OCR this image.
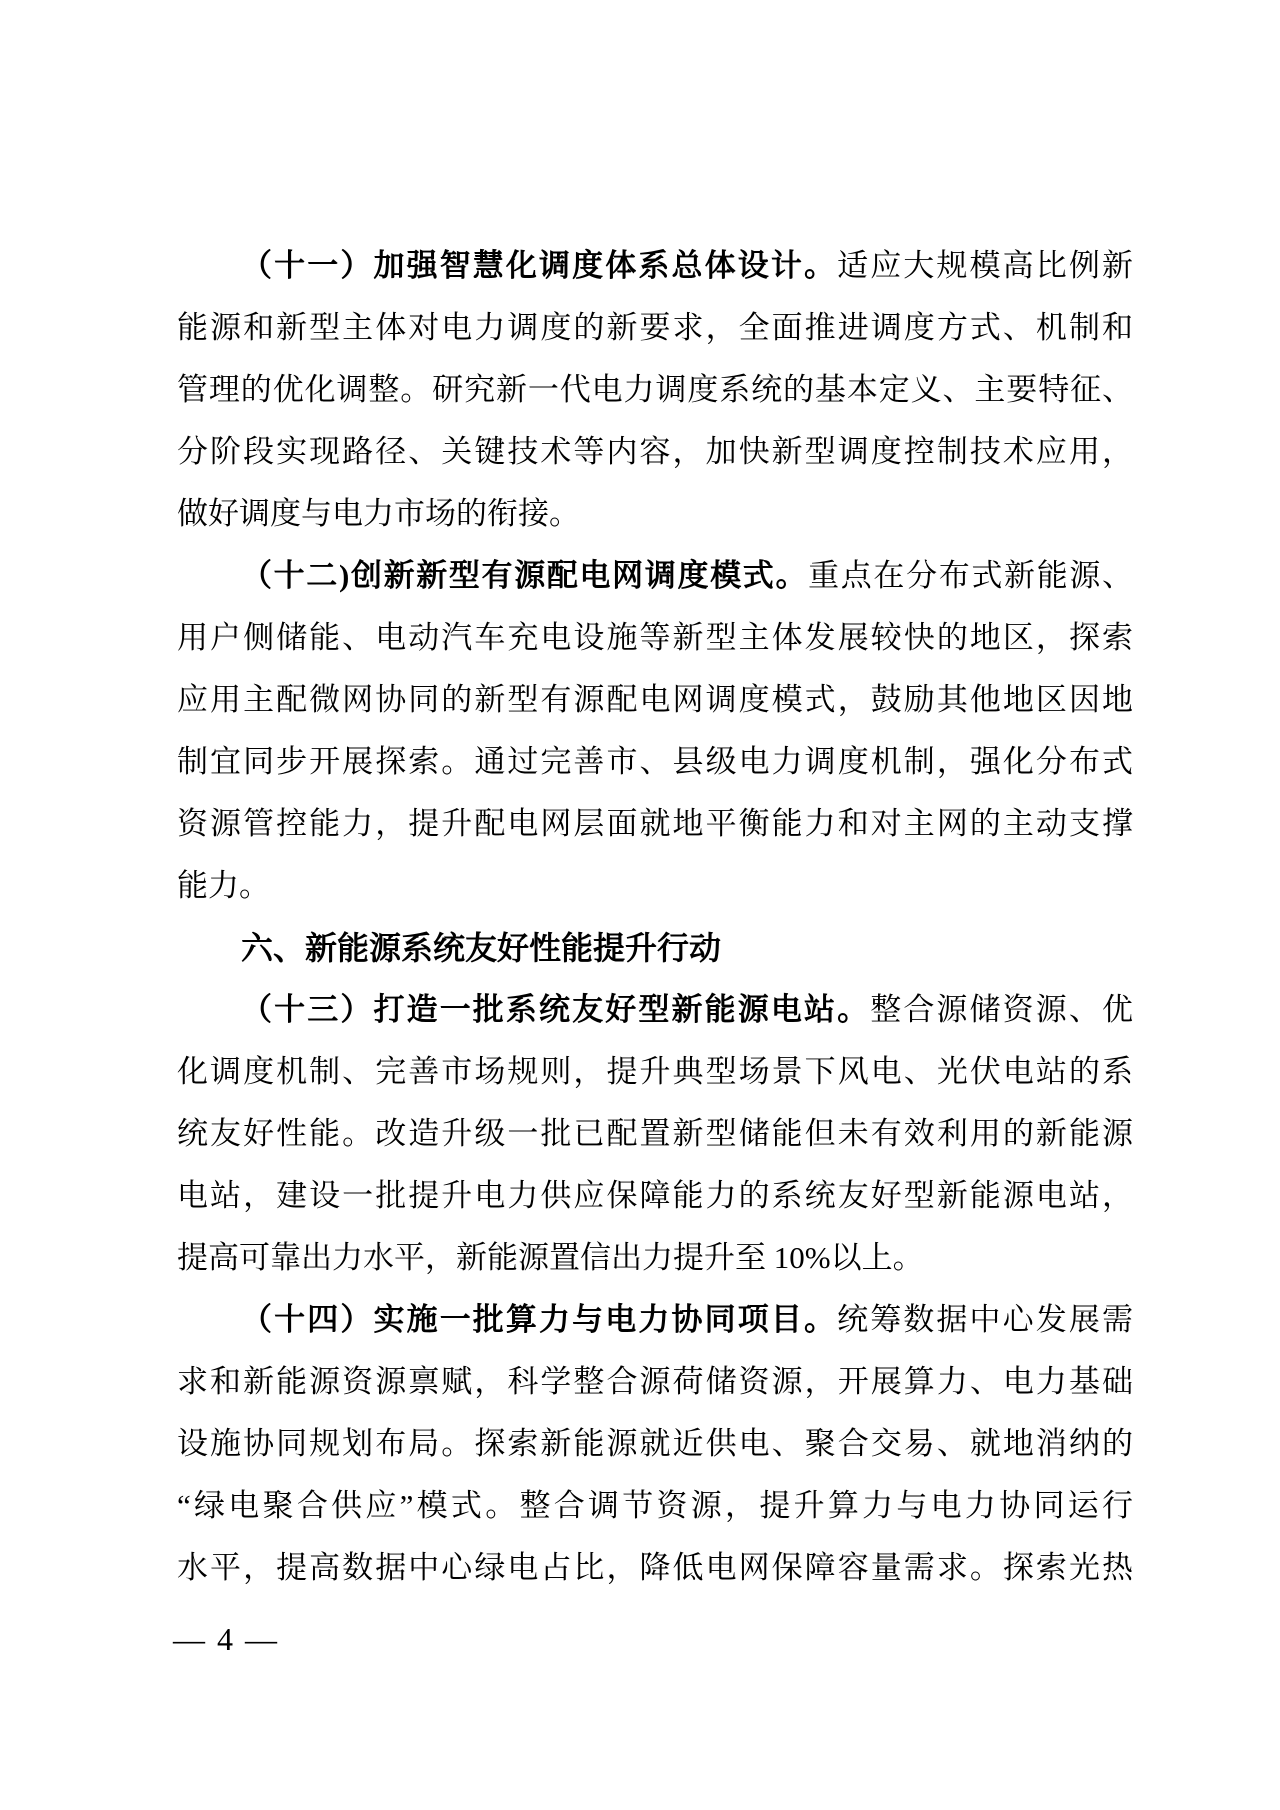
（十一）加强智慧化调度体系总体设计。适应大规模高比例新
能源和新型主体对电力调度的新要求，全面推进调度方式、机制和
管理的优化调整。研究新一代电力调度系统的基本定义、主要特征、
分阶段实现路径、关键技术等内容，加快新型调度控制技术应用，
做好调度与电力市场的衔接。
（十二)创新新型有源配电网调度模式。重点在分布式新能源、
用户侧储能、电动汽车充电设施等新型主体发展较快的地区，探索
应用主配微网协同的新型有源配电网调度模式，鼓励其他地区因地
制宜同步开展探索。通过完善市、县级电力调度机制，强化分布式
资源管控能力，提升配电网层面就地平衡能力和对主网的主动支撑
能力。
六、新能源系统友好性能提升行动
（十三）打造一批系统友好型新能源电站。整合源储资源、优
化调度机制、完善市场规则，提升典型场景下风电、光伏电站的系
统友好性能。改造升级一批已配置新型储能但未有效利用的新能源
电站，建设一批提升电力供应保障能力的系统友好型新能源电站，
提高可靠出力水平，新能源置信出力提升至 10%以上。
（十四）实施一批算力与电力协同项目。统筹数据中心发展需
求和新能源资源禀赋，科学整合源荷储资源，开展算力、电力基础
设施协同规划布局。探索新能源就近供电、聚合交易、就地消纳的
“绿电聚合供应”模式。整合调节资源，提升算力与电力协同运行
水平，提高数据中心绿电占比，降低电网保障容量需求。探索光热
— 4 —
